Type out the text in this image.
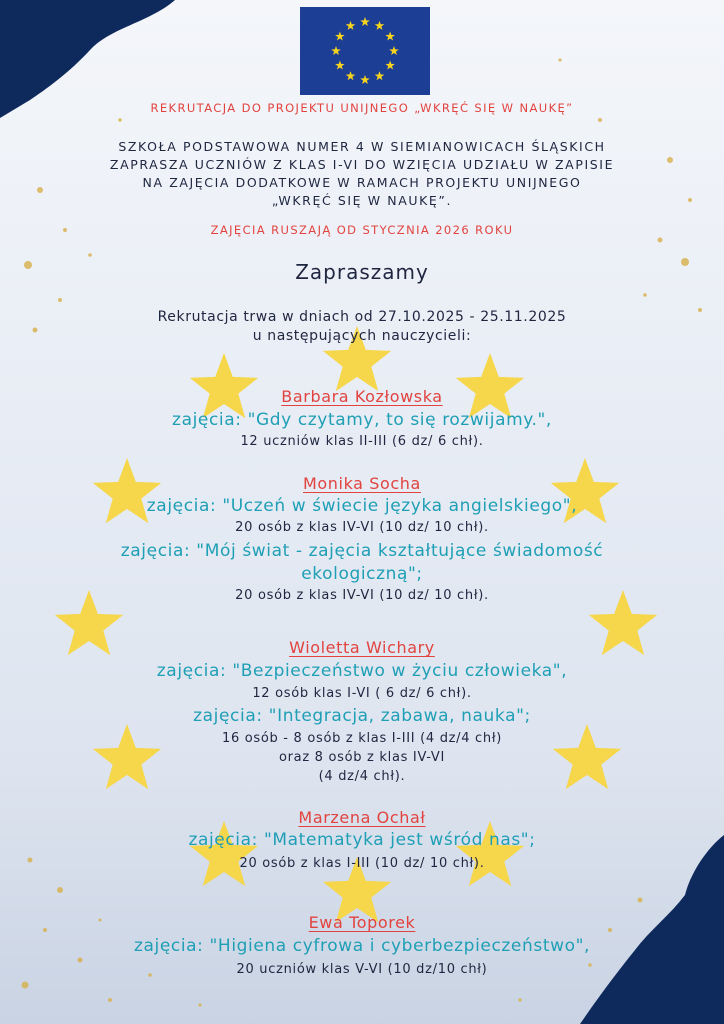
REKRUTACJA DO PROJEKTU UNIJNEGO „WKRĘĆ SIĘ W NAUKĘ”

SZKOŁA PODSTAWOWA NUMER 4 W SIEMIANOWICACH ŚLĄSKICH

ZAPRASZA UCZNIÓW Z KLAS I-VI DO WZIĘCIA UDZIAŁU W ZAPISIE

NA ZAJĘCIA DODATKOWE W RAMACH PROJEKTU UNIJNEGO

„WKRĘĆ SIĘ W NAUKĘ”.

ZAJĘCIA RUSZAJĄ OD STYCZNIA 2026 ROKU

Zapraszamy

Rekrutacja trwa w dniach od 27.10.2025 - 25.11.2025

u następujących nauczycieli:

Barbara Kozłowska

zajęcia: "Gdy czytamy, to się rozwijamy.",

12 uczniów klas II-III (6 dz/ 6 chł).

Monika Socha

zajęcia: "Uczeń w świecie języka angielskiego",

20 osób z klas IV-VI (10 dz/ 10 chł).

zajęcia: "Mój świat - zajęcia kształtujące świadomość

ekologiczną";

20 osób z klas IV-VI (10 dz/ 10 chł).

Wioletta Wichary

zajęcia: "Bezpieczeństwo w życiu człowieka",

12 osób klas I-VI ( 6 dz/ 6 chł).

zajęcia: "Integracja, zabawa, nauka";

16 osób - 8 osób z klas I-III (4 dz/4 chł)

oraz 8 osób z klas IV-VI

(4 dz/4 chł).

Marzena Ochał

zajęcia: "Matematyka jest wśród nas";

20 osób z klas I-III (10 dz/ 10 chł).

Ewa Toporek

zajęcia: "Higiena cyfrowa i cyberbezpieczeństwo",

20 uczniów klas V-VI (10 dz/10 chł)
